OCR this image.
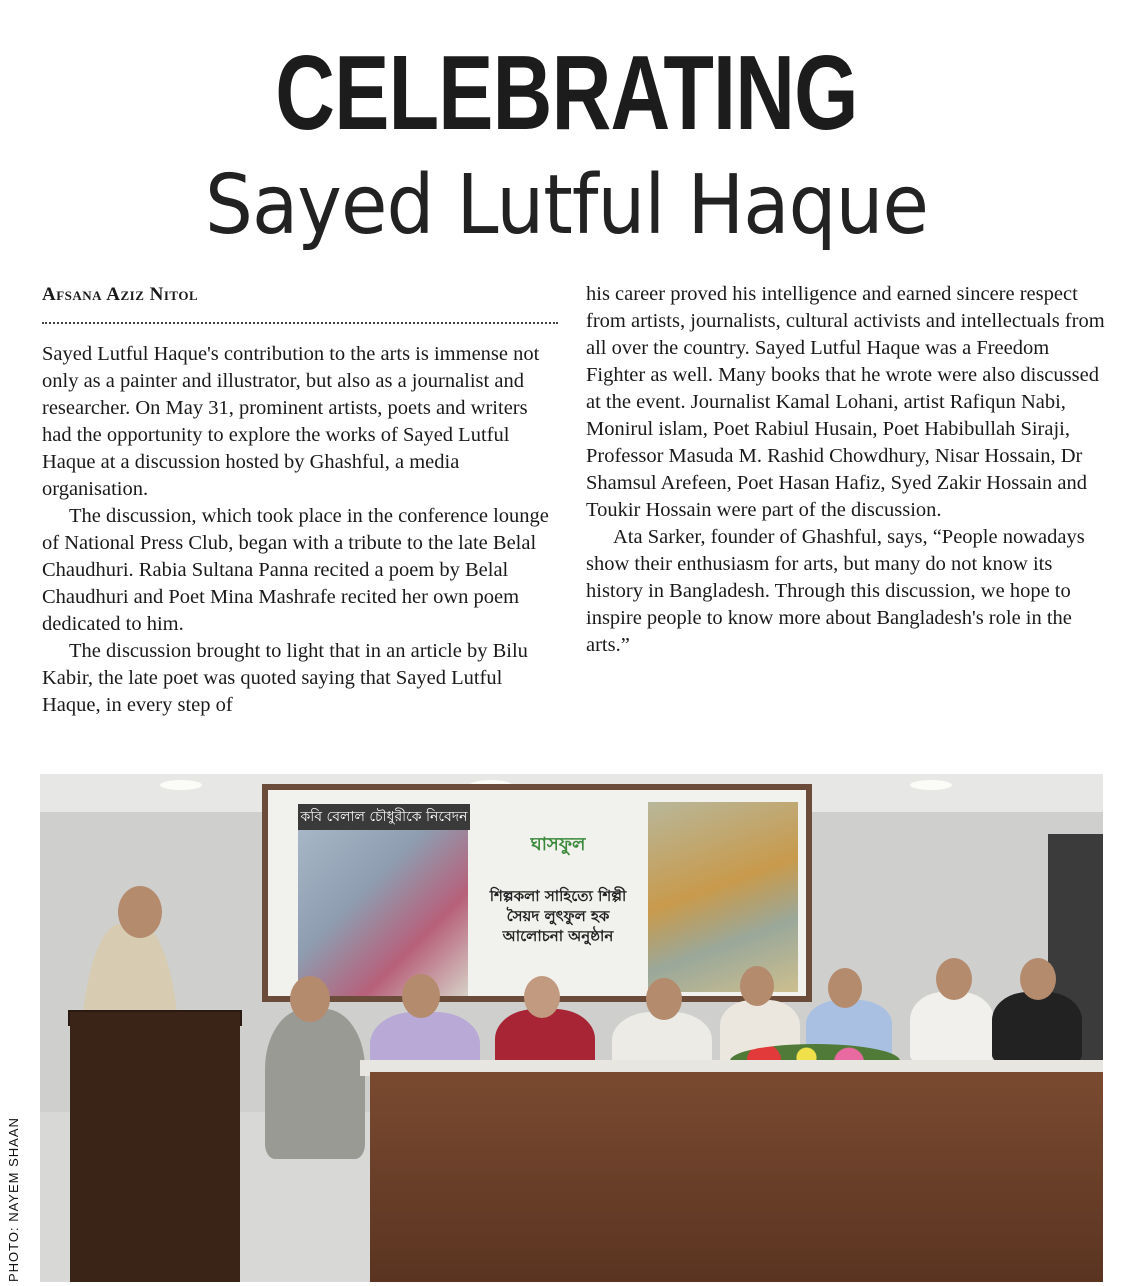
CELEBRATING
Sayed Lutful Haque
Afsana Aziz Nitol

Sayed Lutful Haque's contribution to the arts is immense not only as a painter and illustrator, but also as a journalist and researcher. On May 31, prominent artists, poets and writers had the opportunity to explore the works of Sayed Lutful Haque at a discussion hosted by Ghashful, a media organisation.

The discussion, which took place in the conference lounge of National Press Club, began with a tribute to the late Belal Chaudhuri. Rabia Sultana Panna recited a poem by Belal Chaudhuri and Poet Mina Mashrafe recited her own poem dedicated to him.

The discussion brought to light that in an article by Bilu Kabir, the late poet was quoted saying that Sayed Lutful Haque, in every step of

his career proved his intelligence and earned sincere respect from artists, journalists, cultural activists and intellectuals from all over the country. Sayed Lutful Haque was a Freedom Fighter as well. Many books that he wrote were also discussed at the event. Journalist Kamal Lohani, artist Rafiqun Nabi, Monirul islam, Poet Rabiul Husain, Poet Habibullah Siraji, Professor Masuda M. Rashid Chowdhury, Nisar Hossain, Dr Shamsul Arefeen, Poet Hasan Hafiz, Syed Zakir Hossain and Toukir Hossain were part of the discussion.

Ata Sarker, founder of Ghashful, says, “People nowadays show their enthusiasm for arts, but many do not know its history in Bangladesh. Through this discussion, we hope to inspire people to know more about Bangladesh's role in the arts.”

কবি বেলাল চৌধুরীকে নিবেদন
ঘাসফুল
শিল্পকলা সাহিত্যে শিল্পী সৈয়দ লুৎফুল হক আলোচনা অনুষ্ঠান
PHOTO: NAYEM SHAAN
